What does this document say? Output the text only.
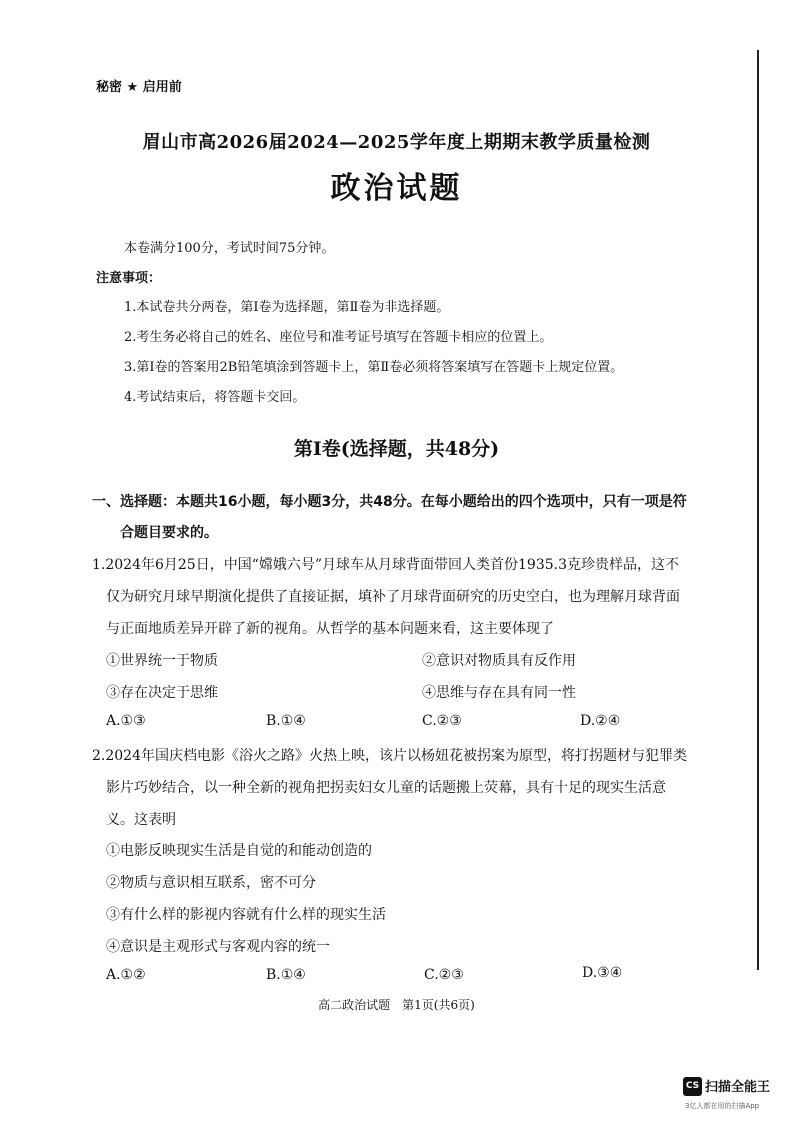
秘密 ★ 启用前
眉山市高2026届2024—2025学年度上期期末教学质量检测
政治试题
本卷满分100分，考试时间75分钟。
注意事项：
1.本试卷共分两卷，第Ⅰ卷为选择题，第Ⅱ卷为非选择题。
2.考生务必将自己的姓名、座位号和准考证号填写在答题卡相应的位置上。
3.第Ⅰ卷的答案用2B铅笔填涂到答题卡上，第Ⅱ卷必须将答案填写在答题卡上规定位置。
4.考试结束后，将答题卡交回。
第Ⅰ卷(选择题，共48分)
一、选择题：本题共16小题，每小题3分，共48分。在每小题给出的四个选项中，只有一项是符
合题目要求的。
1.2024年6月25日，中国“嫦娥六号”月球车从月球背面带回人类首份1935.3克珍贵样品，这不
仅为研究月球早期演化提供了直接证据，填补了月球背面研究的历史空白，也为理解月球背面
与正面地质差异开辟了新的视角。从哲学的基本问题来看，这主要体现了
①世界统一于物质	②意识对物质具有反作用
③存在决定于思维	④思维与存在具有同一性
A.①③	B.①④	C.②③	D.②④
2.2024年国庆档电影《浴火之路》火热上映，该片以杨妞花被拐案为原型，将打拐题材与犯罪类
影片巧妙结合，以一种全新的视角把拐卖妇女儿童的话题搬上荧幕，具有十足的现实生活意
义。这表明
①电影反映现实生活是自觉的和能动创造的
②物质与意识相互联系，密不可分
③有什么样的影视内容就有什么样的现实生活
④意识是主观形式与客观内容的统一
A.①②	B.①④	C.②③	D.③④
高二政治试题　第1页(共6页)
CS 扫描全能王
3亿人都在用的扫描App
